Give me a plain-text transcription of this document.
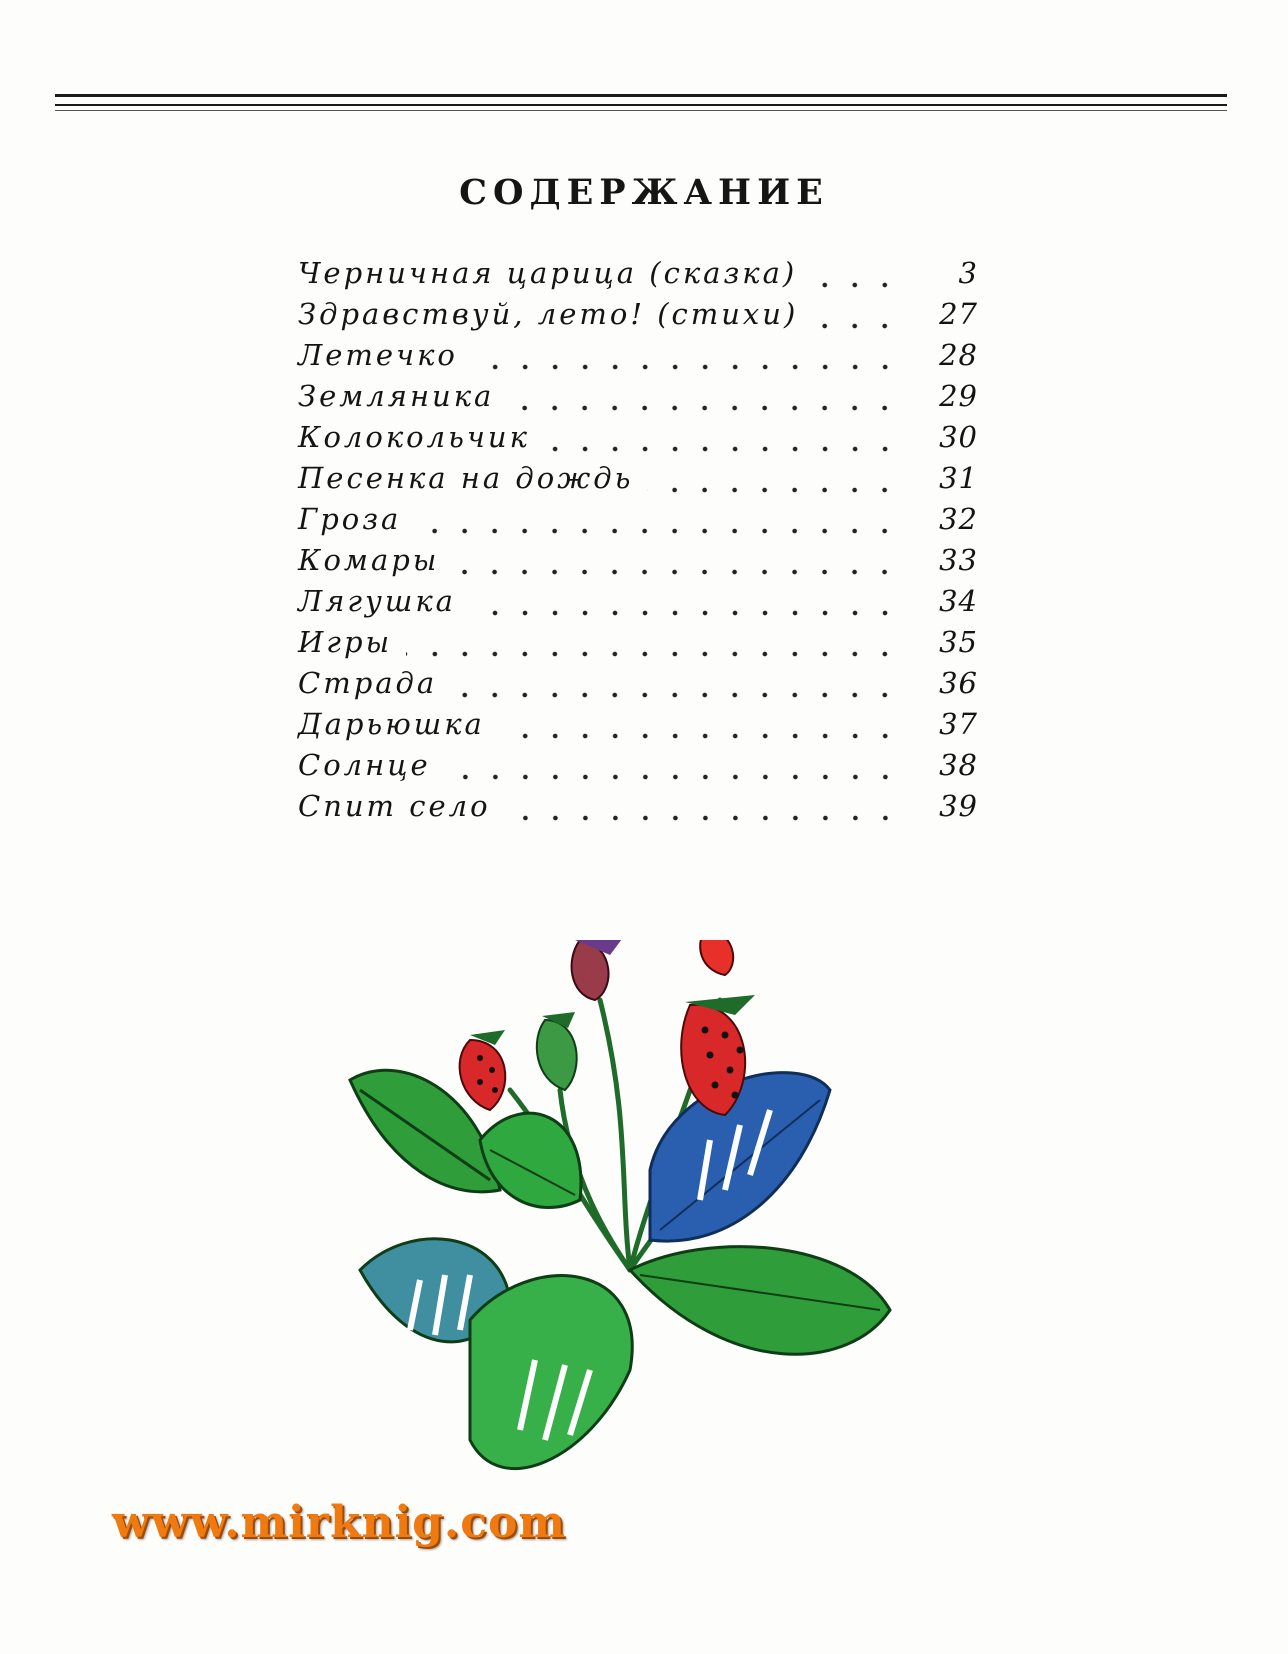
СОДЕРЖАНИЕ
Черничная царица (сказка)	3
Здравствуй, лето! (стихи)	27
Летечко	28
Земляника	29
Колокольчик	30
Песенка на дождь	31
Гроза	32
Комары	33
Лягушка	34
Игры	35
Страда	36
Дарьюшка	37
Солнце	38
Спит село	39
www.mirknig.com
